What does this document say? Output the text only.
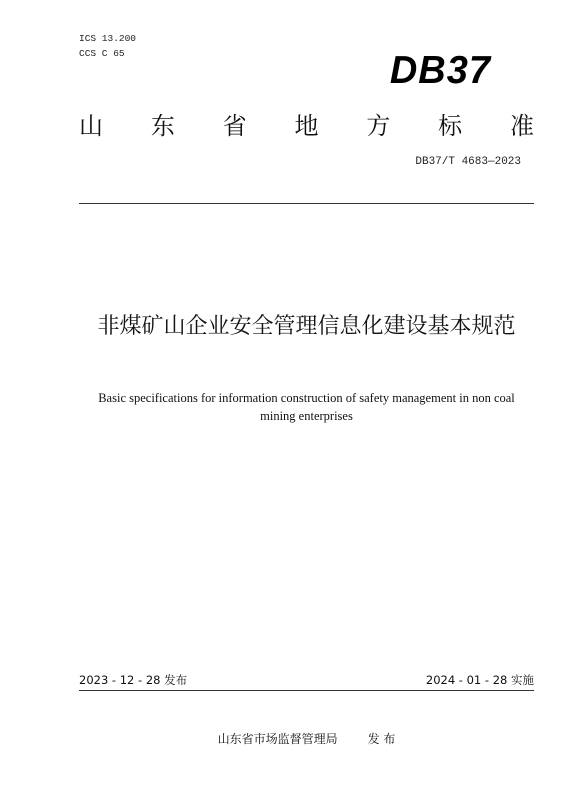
ICS 13.200
CCS C 65	DB37
山 东 省 地 方 标 准
DB37/T 4683—2023
非煤矿山企业安全管理信息化建设基本规范
Basic specifications for information construction of safety management in non coal mining enterprises
2023 - 12 - 28 发布	2024 - 01 - 28 实施
山东省市场监督管理局	发 布
